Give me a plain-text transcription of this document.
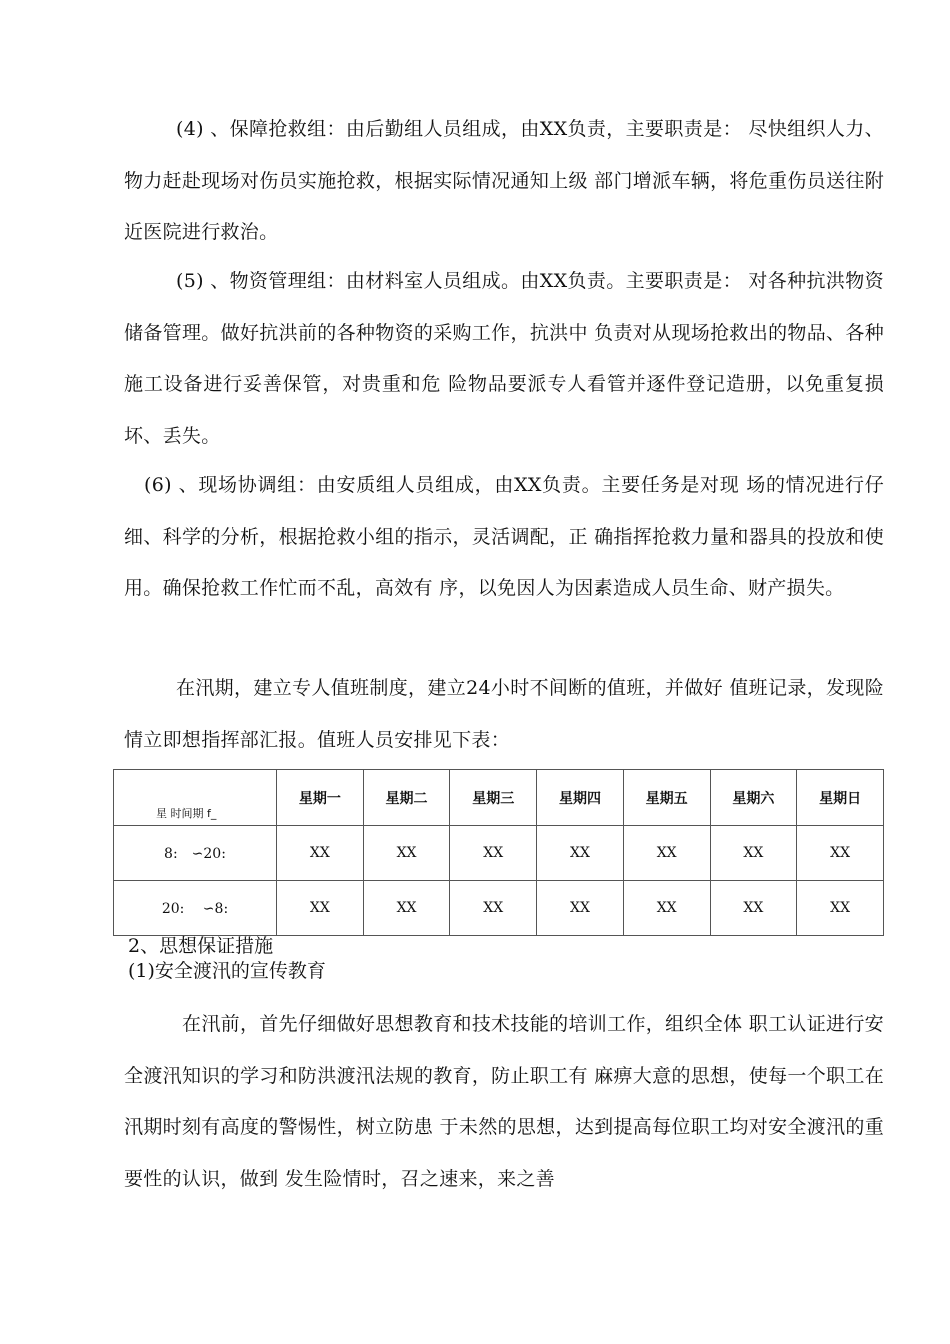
(4) 、保障抢救组：由后勤组人员组成，由XX负责，主要职责是： 尽快组织人力、物力赶赴现场对伤员实施抢救，根据实际情况通知上级 部门增派车辆，将危重伤员送往附近医院进行救治。

(5) 、物资管理组：由材料室人员组成。由XX负责。主要职责是： 对各种抗洪物资储备管理。做好抗洪前的各种物资的采购工作，抗洪中 负责对从现场抢救出的物品、各种施工设备进行妥善保管，对贵重和危 险物品要派专人看管并逐件登记造册，以免重复损坏、丢失。

(6) 、现场协调组：由安质组人员组成，由XX负责。主要任务是对现 场的情况进行仔细、科学的分析，根据抢救小组的指示，灵活调配，正 确指挥抢救力量和器具的投放和使用。确保抢救工作忙而不乱，高效有 序，以免因人为因素造成人员生命、财产损失。

在汛期，建立专人值班制度，建立24小时不间断的值班，并做好 值班记录，发现险情立即想指挥部汇报。值班人员安排见下表：

星 时间期 f_	星期一	星期二	星期三	星期四	星期五	星期六	星期日
8:　∽20:	XX	XX	XX	XX	XX	XX	XX
20:　 ∽8:	XX	XX	XX	XX	XX	XX	XX

2、思想保证措施

(1)安全渡汛的宣传教育

在汛前，首先仔细做好思想教育和技术技能的培训工作，组织全体 职工认证进行安全渡汛知识的学习和防洪渡汛法规的教育，防止职工有 麻痹大意的思想，使每一个职工在汛期时刻有高度的警惕性，树立防患 于未然的思想，达到提高每位职工均对安全渡汛的重要性的认识，做到 发生险情时，召之速来，来之善
